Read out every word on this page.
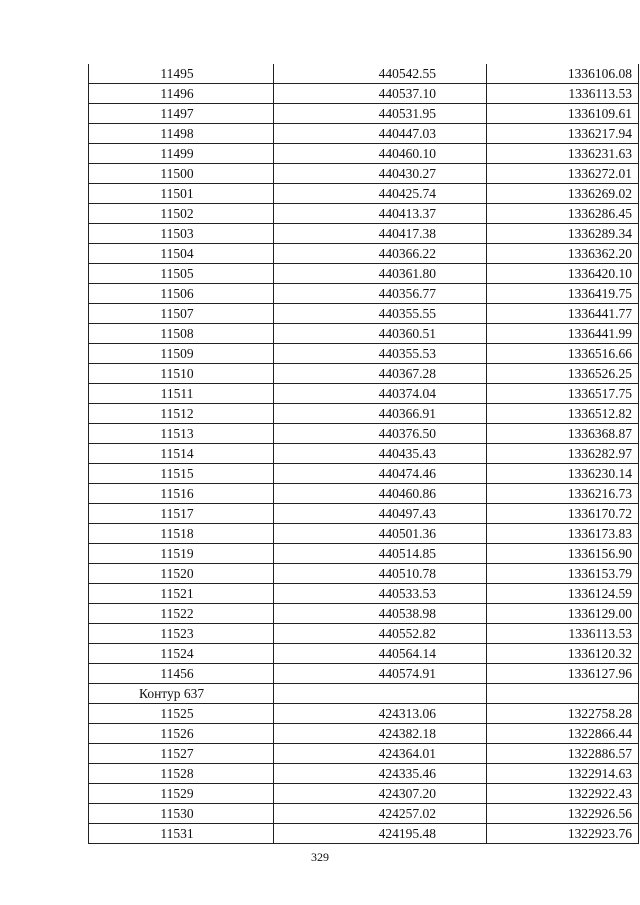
11495	440542.55	1336106.08
11496	440537.10	1336113.53
11497	440531.95	1336109.61
11498	440447.03	1336217.94
11499	440460.10	1336231.63
11500	440430.27	1336272.01
11501	440425.74	1336269.02
11502	440413.37	1336286.45
11503	440417.38	1336289.34
11504	440366.22	1336362.20
11505	440361.80	1336420.10
11506	440356.77	1336419.75
11507	440355.55	1336441.77
11508	440360.51	1336441.99
11509	440355.53	1336516.66
11510	440367.28	1336526.25
11511	440374.04	1336517.75
11512	440366.91	1336512.82
11513	440376.50	1336368.87
11514	440435.43	1336282.97
11515	440474.46	1336230.14
11516	440460.86	1336216.73
11517	440497.43	1336170.72
11518	440501.36	1336173.83
11519	440514.85	1336156.90
11520	440510.78	1336153.79
11521	440533.53	1336124.59
11522	440538.98	1336129.00
11523	440552.82	1336113.53
11524	440564.14	1336120.32
11456	440574.91	1336127.96
Контур 637		
11525	424313.06	1322758.28
11526	424382.18	1322866.44
11527	424364.01	1322886.57
11528	424335.46	1322914.63
11529	424307.20	1322922.43
11530	424257.02	1322926.56
11531	424195.48	1322923.76
329
